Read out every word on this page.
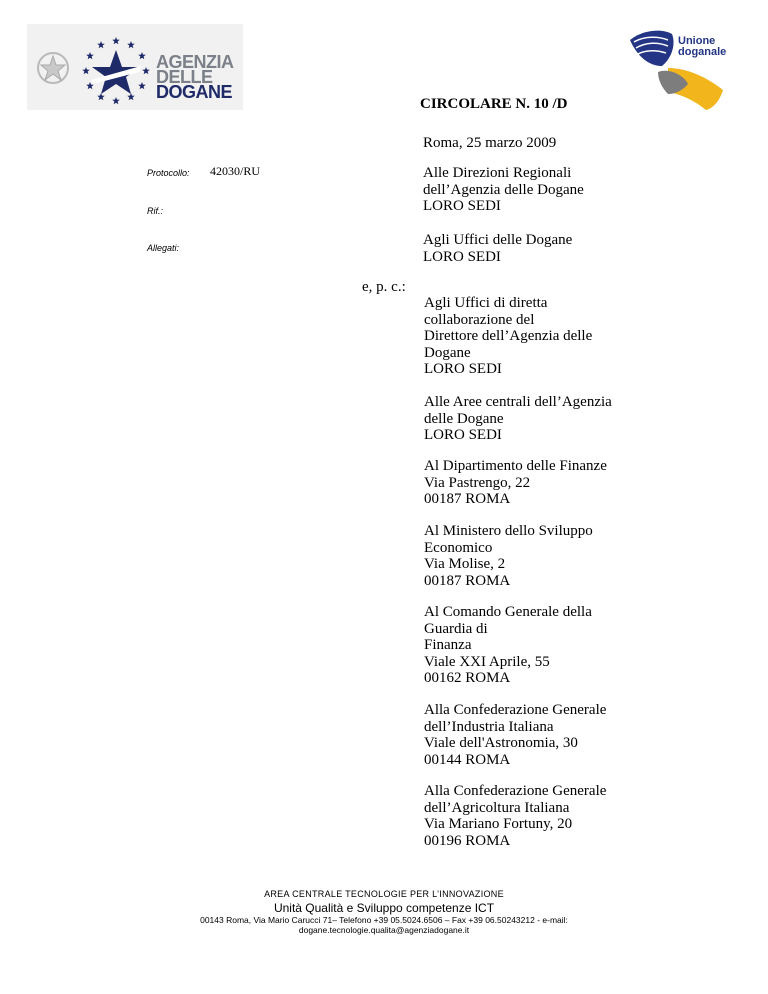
AGENZIA
DELLE
DOGANE
Unione
doganale
CIRCOLARE N. 10 /D
Roma, 25 marzo 2009
Protocollo: 42030/RU
Rif.:
Allegati:
Alle Direzioni Regionali
dell’Agenzia delle Dogane
LORO SEDI
Agli Uffici delle Dogane
LORO SEDI
e, p. c.:
Agli Uffici di diretta
collaborazione del
Direttore dell’Agenzia delle
Dogane
LORO SEDI
Alle Aree centrali dell’Agenzia
delle Dogane
LORO SEDI
Al Dipartimento delle Finanze
Via Pastrengo, 22
00187 ROMA
Al Ministero dello Sviluppo
Economico
Via Molise, 2
00187 ROMA
Al Comando Generale della
Guardia di
Finanza
Viale XXI Aprile, 55
00162 ROMA
Alla Confederazione Generale
dell’Industria Italiana
Viale dell'Astronomia, 30
00144 ROMA
Alla Confederazione Generale
dell’Agricoltura Italiana
Via Mariano Fortuny, 20
00196 ROMA
AREA CENTRALE TECNOLOGIE PER L’INNOVAZIONE
Unità Qualità e Sviluppo competenze ICT
00143 Roma, Via Mario Carucci 71– Telefono +39 05.5024.6506 – Fax +39 06.50243212 - e-mail:
dogane.tecnologie.qualita@agenziadogane.it
